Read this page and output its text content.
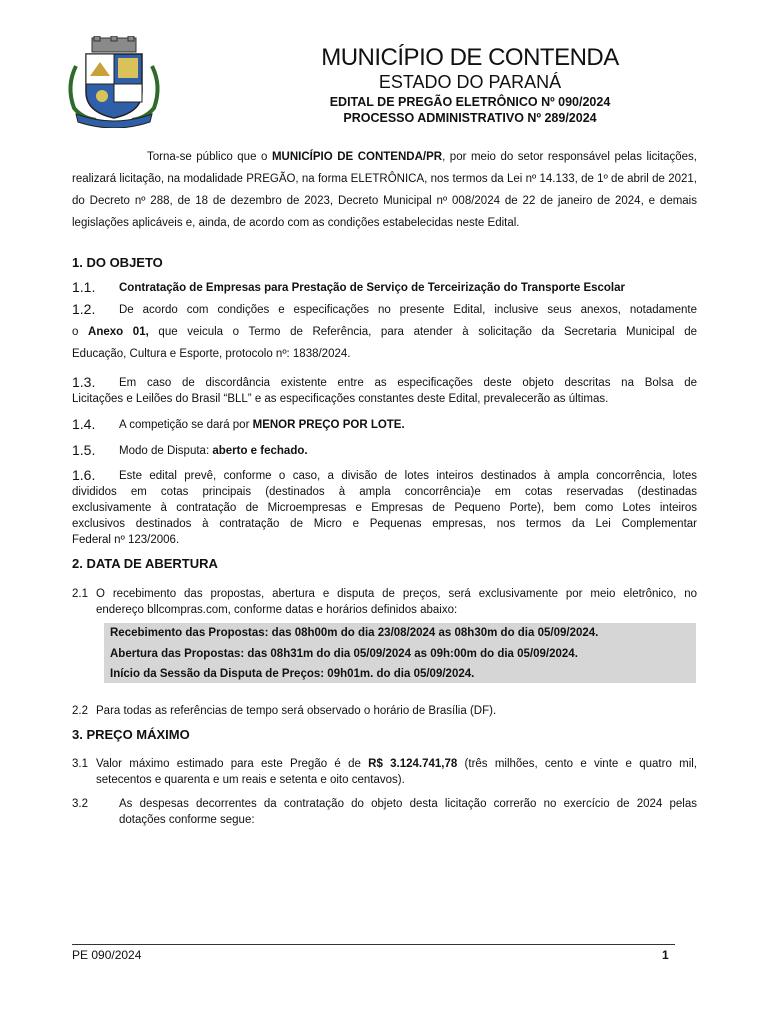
MUNICÍPIO DE CONTENDA
ESTADO DO PARANÁ
EDITAL DE PREGÃO ELETRÔNICO Nº 090/2024
PROCESSO ADMINISTRATIVO Nº 289/2024
Torna-se público que o MUNICÍPIO DE CONTENDA/PR, por meio do setor responsável pelas licitações, realizará licitação, na modalidade PREGÃO, na forma ELETRÔNICA, nos termos da Lei nº 14.133, de 1º de abril de 2021, do Decreto nº 288, de 18 de dezembro de 2023, Decreto Municipal nº 008/2024 de 22 de janeiro de 2024, e demais legislações aplicáveis e, ainda, de acordo com as condições estabelecidas neste Edital.
1. DO OBJETO
1.1. Contratação de Empresas para Prestação de Serviço de Terceirização do Transporte Escolar
1.2. De acordo com condições e especificações no presente Edital, inclusive seus anexos, notadamente
o Anexo 01, que veicula o Termo de Referência, para atender à solicitação da Secretaria Municipal de
Educação, Cultura e Esporte, protocolo nº: 1838/2024.
1.3. Em caso de discordância existente entre as especificações deste objeto descritas na Bolsa de
Licitações e Leilões do Brasil “BLL” e as especificações constantes deste Edital, prevalecerão as últimas.
1.4. A competição se dará por MENOR PREÇO POR LOTE.
1.5. Modo de Disputa: aberto e fechado.
1.6. Este edital prevê, conforme o caso, a divisão de lotes inteiros destinados à ampla concorrência, lotes
divididos em cotas principais (destinados à ampla concorrência)e em cotas reservadas (destinadas
exclusivamente à contratação de Microempresas e Empresas de Pequeno Porte), bem como Lotes inteiros
exclusivos destinados à contratação de Micro e Pequenas empresas, nos termos da Lei Complementar
Federal nº 123/2006.
2. DATA DE ABERTURA
2.1 O recebimento das propostas, abertura e disputa de preços, será exclusivamente por meio eletrônico, no
endereço bllcompras.com, conforme datas e horários definidos abaixo:
Recebimento das Propostas: das 08h00m do dia 23/08/2024 as 08h30m do dia 05/09/2024.
Abertura das Propostas: das 08h31m do dia 05/09/2024 as 09h:00m do dia 05/09/2024.
Início da Sessão da Disputa de Preços: 09h01m. do dia 05/09/2024.
2.2 Para todas as referências de tempo será observado o horário de Brasília (DF).
3. PREÇO MÁXIMO
3.1 Valor máximo estimado para este Pregão é de R$ 3.124.741,78 (três milhões, cento e vinte e quatro mil,
setecentos e quarenta e um reais e setenta e oito centavos).
3.2	As despesas decorrentes da contratação do objeto desta licitação correrão no exercício de 2024 pelas
dotações conforme segue:
PE 090/2024	1
